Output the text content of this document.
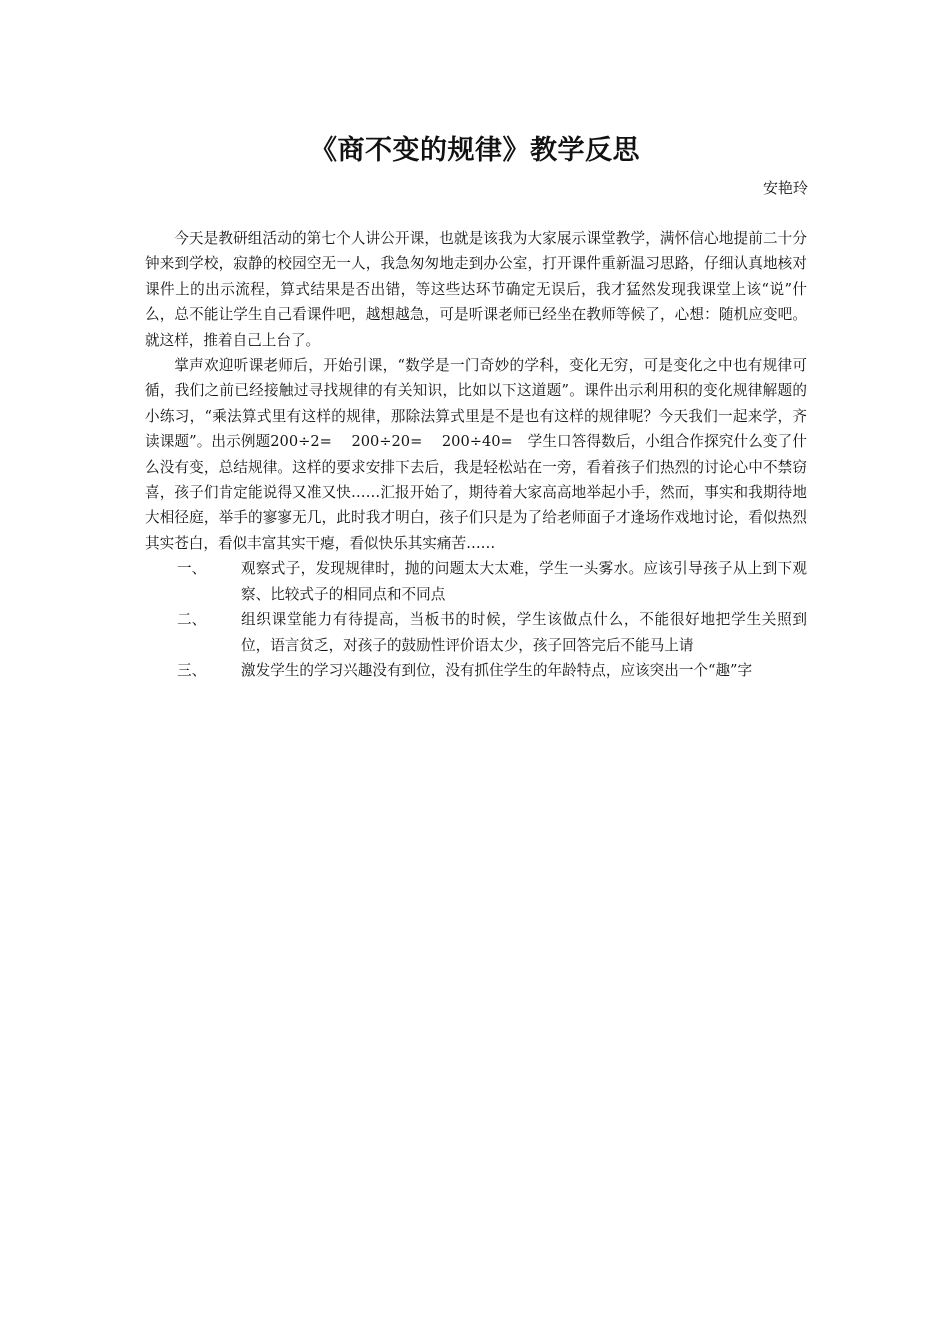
《商不变的规律》教学反思
安艳玲

今天是教研组活动的第七个人讲公开课，也就是该我为大家展示课堂教学，满怀信心地提前二十分钟来到学校，寂静的校园空无一人，我急匆匆地走到办公室，打开课件重新温习思路，仔细认真地核对课件上的出示流程，算式结果是否出错，等这些达环节确定无误后，我才猛然发现我课堂上该“说”什么，总不能让学生自己看课件吧，越想越急，可是听课老师已经坐在教师等候了，心想：随机应变吧。就这样，推着自己上台了。

掌声欢迎听课老师后，开始引课，“数学是一门奇妙的学科，变化无穷，可是变化之中也有规律可循，我们之前已经接触过寻找规律的有关知识，比如以下这道题”。课件出示利用积的变化规律解题的小练习，“乘法算式里有这样的规律，那除法算式里是不是也有这样的规律呢？今天我们一起来学，齐读课题”。出示例题200÷2=　 200÷20=　 200÷40=　学生口答得数后，小组合作探究什么变了什么没有变，总结规律。这样的要求安排下去后，我是轻松站在一旁，看着孩子们热烈的讨论心中不禁窃喜，孩子们肯定能说得又准又快……汇报开始了，期待着大家高高地举起小手，然而，事实和我期待地大相径庭，举手的寥寥无几，此时我才明白，孩子们只是为了给老师面子才逢场作戏地讨论，看似热烈其实苍白，看似丰富其实干瘪，看似快乐其实痛苦……

一、	观察式子，发现规律时，抛的问题太大太难，学生一头雾水。应该引导孩子从上到下观察、比较式子的相同点和不同点
二、	组织课堂能力有待提高，当板书的时候，学生该做点什么，不能很好地把学生关照到位，语言贫乏，对孩子的鼓励性评价语太少，孩子回答完后不能马上请
三、	激发学生的学习兴趣没有到位，没有抓住学生的年龄特点，应该突出一个“趣”字
